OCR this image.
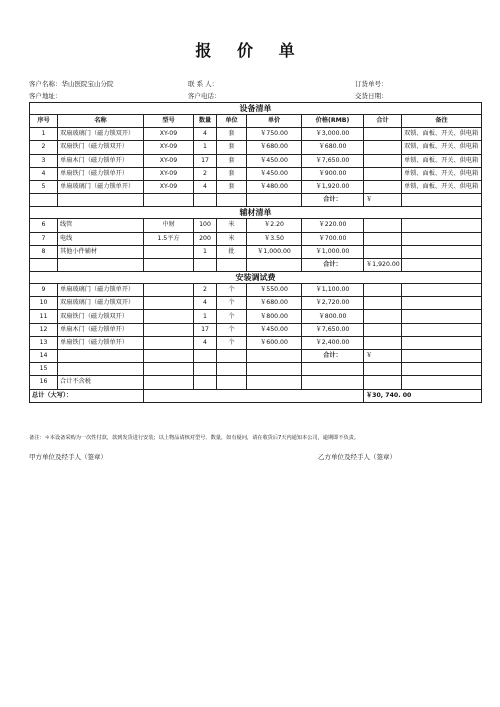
报 价 单
客户名称：华山医院宝山分院	联 系 人：	订货单号：
客户地址：	客户电话：	交货日期：
设备清单								
序号	名称	型号	数量	单位	单价	价格(RMB)	合计	备注
1	双扇玻璃门（磁力锁双开）	XY-09	4	套	￥750.00	￥3,000.00		双锁、面板、开关、供电箱
2	双扇铁门（磁力锁双开）	XY-09	1	套	￥680.00	￥680.00		双锁、面板、开关、供电箱
3	单扇木门（磁力锁单开）	XY-09	17	套	￥450.00	￥7,650.00		单锁、面板、开关、供电箱
4	单扇铁门（磁力锁单开）	XY-09	2	套	￥450.00	￥900.00		单锁、面板、开关、供电箱
5	单扇玻璃门（磁力锁单开）	XY-09	4	套	￥480.00	￥1,920.00		单锁、面板、开关、供电箱
						合计：	￥	
辅材清单								
6	线管	中财	100	米	￥2.20	￥220.00		
7	电线	1.5平方	200	米	￥3.50	￥700.00		
8	其他小件辅材		1	批	￥1,000.00	￥1,000.00		
						合计：	￥1,920.00	
安装调试费								
9	单扇玻璃门（磁力锁单开）		2	个	￥550.00	￥1,100.00		
10	双扇玻璃门（磁力锁双开）		4	个	￥680.00	￥2,720.00		
11	双扇铁门（磁力锁双开）		1	个	￥800.00	￥800.00		
12	单扇木门（磁力锁单开）		17	个	￥450.00	￥7,650.00		
13	单扇铁门（磁力锁单开）		4	个	￥600.00	￥2,400.00		
14						合计：	￥	
15								
16	合计不含税							
总计（大写）：							￥30, 740. 00	
备注：＊本设备采购为一次性付款，款到发货进行安装；以上物品请核对型号、数量，如有疑问，请在收货后7天内通知本公司，逾期即不负责。
甲方单位及经手人（签章）	乙方单位及经手人（签章）
